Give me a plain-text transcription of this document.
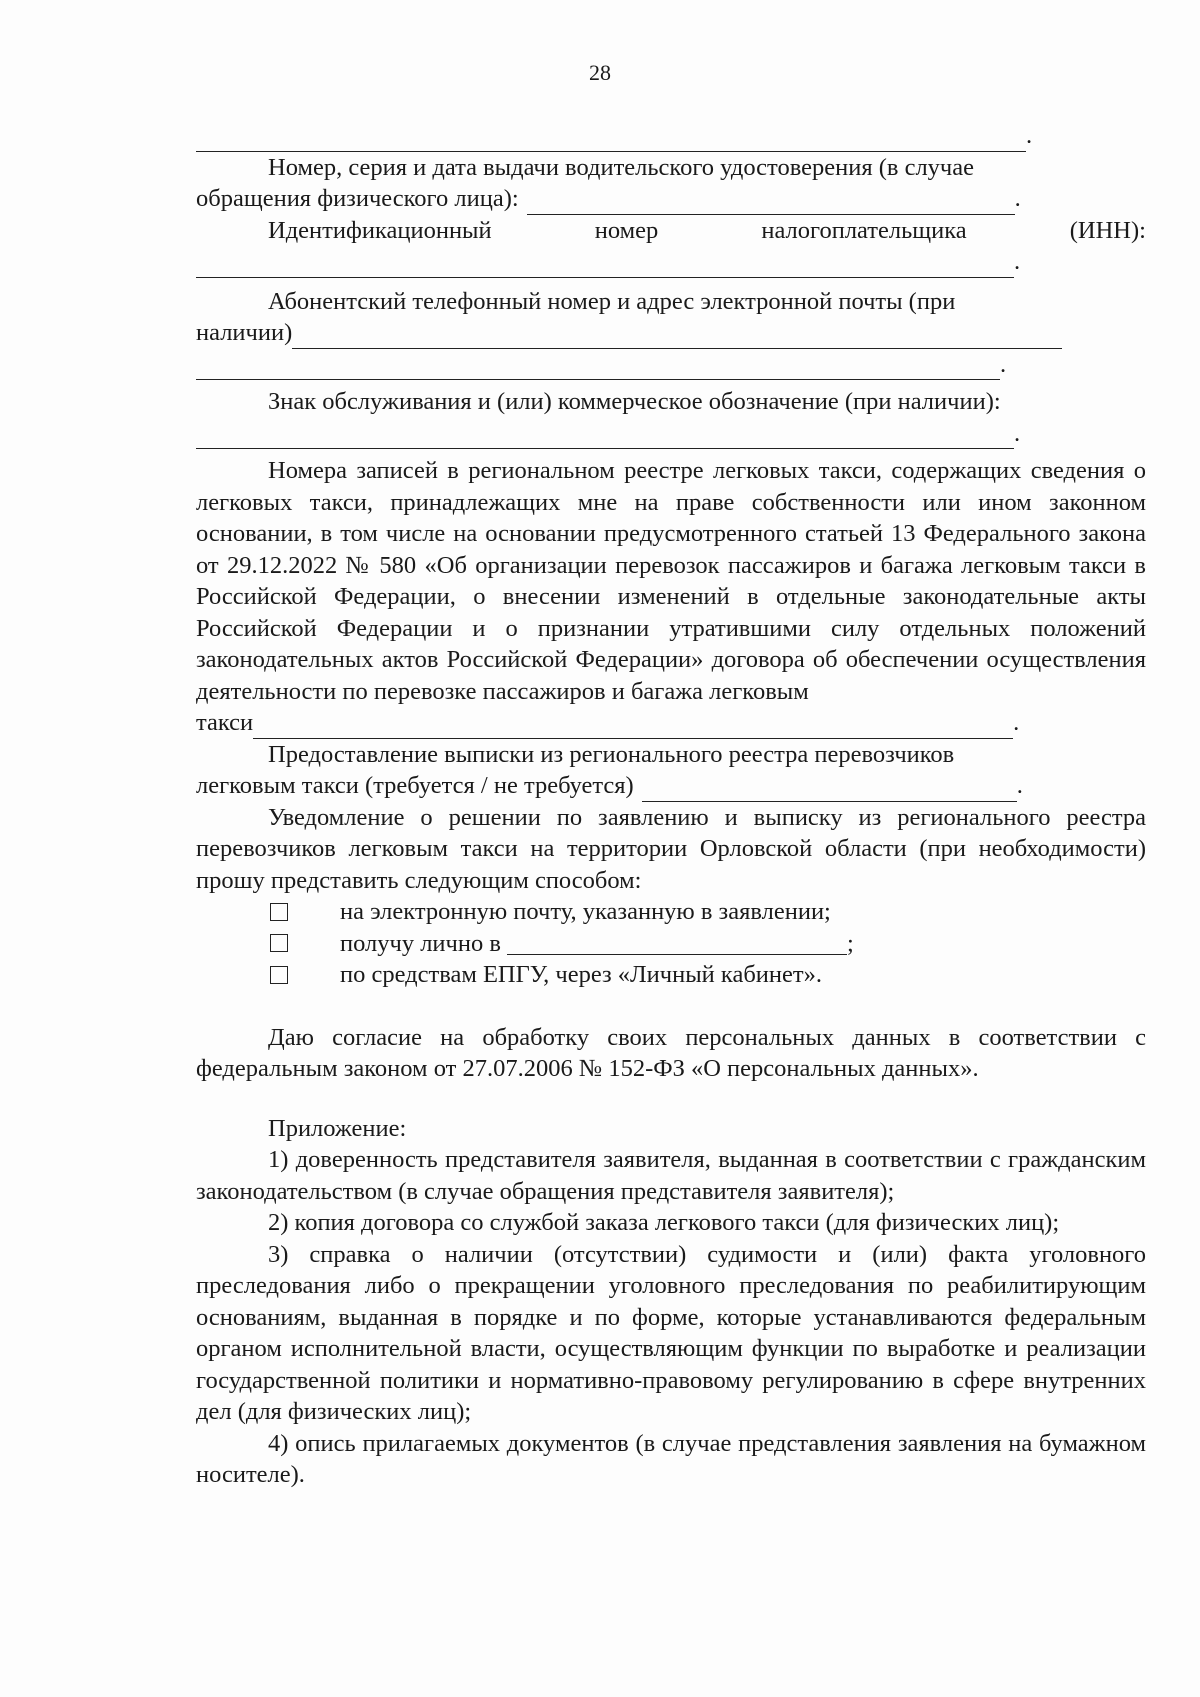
28
.

Номер, серия и дата выдачи водительского удостоверения (в случае

обращения физического лица):	.
Идентификационный	номер	налогоплательщика	(ИНН):
.

Абонентский телефонный номер и адрес электронной почты (при

наличии)
.

Знак обслуживания и (или) коммерческое обозначение (при наличии):

.

Номера записей в региональном реестре легковых такси, содержащих сведения о легковых такси, принадлежащих мне на праве собственности или ином законном основании, в том числе на основании предусмотренного статьей 13 Федерального закона от 29.12.2022 № 580 «Об организации перевозок пассажиров и багажа легковым такси в Российской Федерации, о внесении изменений в отдельные законодательные акты Российской Федерации и о признании утратившими силу отдельных положений законодательных актов Российской Федерации» договора об обеспечении осуществления деятельности по перевозке пассажиров и багажа легковым

такси	.

Предоставление выписки из регионального реестра перевозчиков

легковым такси (требуется / не требуется)	.

Уведомление о решении по заявлению и выписку из регионального реестра перевозчиков легковым такси на территории Орловской области (при необходимости) прошу представить следующим способом:

на электронную почту, указанную в заявлении;
получу лично в	;
по средствам ЕПГУ, через «Личный кабинет».

Даю согласие на обработку своих персональных данных в соответствии с федеральным законом от 27.07.2006 № 152-ФЗ «О персональных данных».

Приложение:

1) доверенность представителя заявителя, выданная в соответствии с гражданским законодательством (в случае обращения представителя заявителя);

2) копия договора со службой заказа легкового такси (для физических лиц);

3) справка о наличии (отсутствии) судимости и (или) факта уголовного преследования либо о прекращении уголовного преследования по реабилитирующим основаниям, выданная в порядке и по форме, которые устанавливаются федеральным органом исполнительной власти, осуществляющим функции по выработке и реализации государственной политики и нормативно-правовому регулированию в сфере внутренних дел (для физических лиц);

4) опись прилагаемых документов (в случае представления заявления на бумажном носителе).
